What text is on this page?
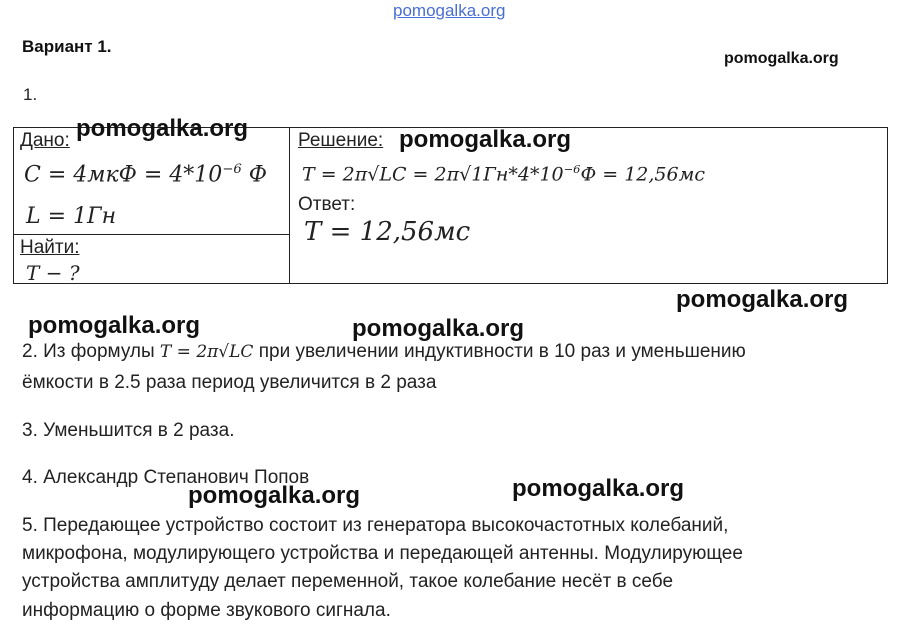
pomogalka.org
Вариант 1.
pomogalka.org
1.
Дано:
$C = 4мкФ = 4*10^{-6}$ Ф
L = 1Гн
Найти:
T − ?
Решение:
$T = 2\pi√LC = 2\pi√1Гн*4*10^{-6}Ф = 12,56мс$
Ответ:
T = 12,56мс
pomogalka.org	pomogalka.org
pomogalka.org
pomogalka.org	pomogalka.org
pomogalka.org	pomogalka.org
2. Из формулы T = 2π√LC при увеличении индуктивности в 10 раз и уменьшению
ёмкости в 2.5 раза период увеличится в 2 раза
3. Уменьшится в 2 раза.
4. Александр Степанович Попов
5. Передающее устройство состоит из генератора высокочастотных колебаний,
микрофона, модулирующего устройства и передающей антенны. Модулирующее
устройства амплитуду делает переменной, такое колебание несёт в себе
информацию о форме звукового сигнала.
